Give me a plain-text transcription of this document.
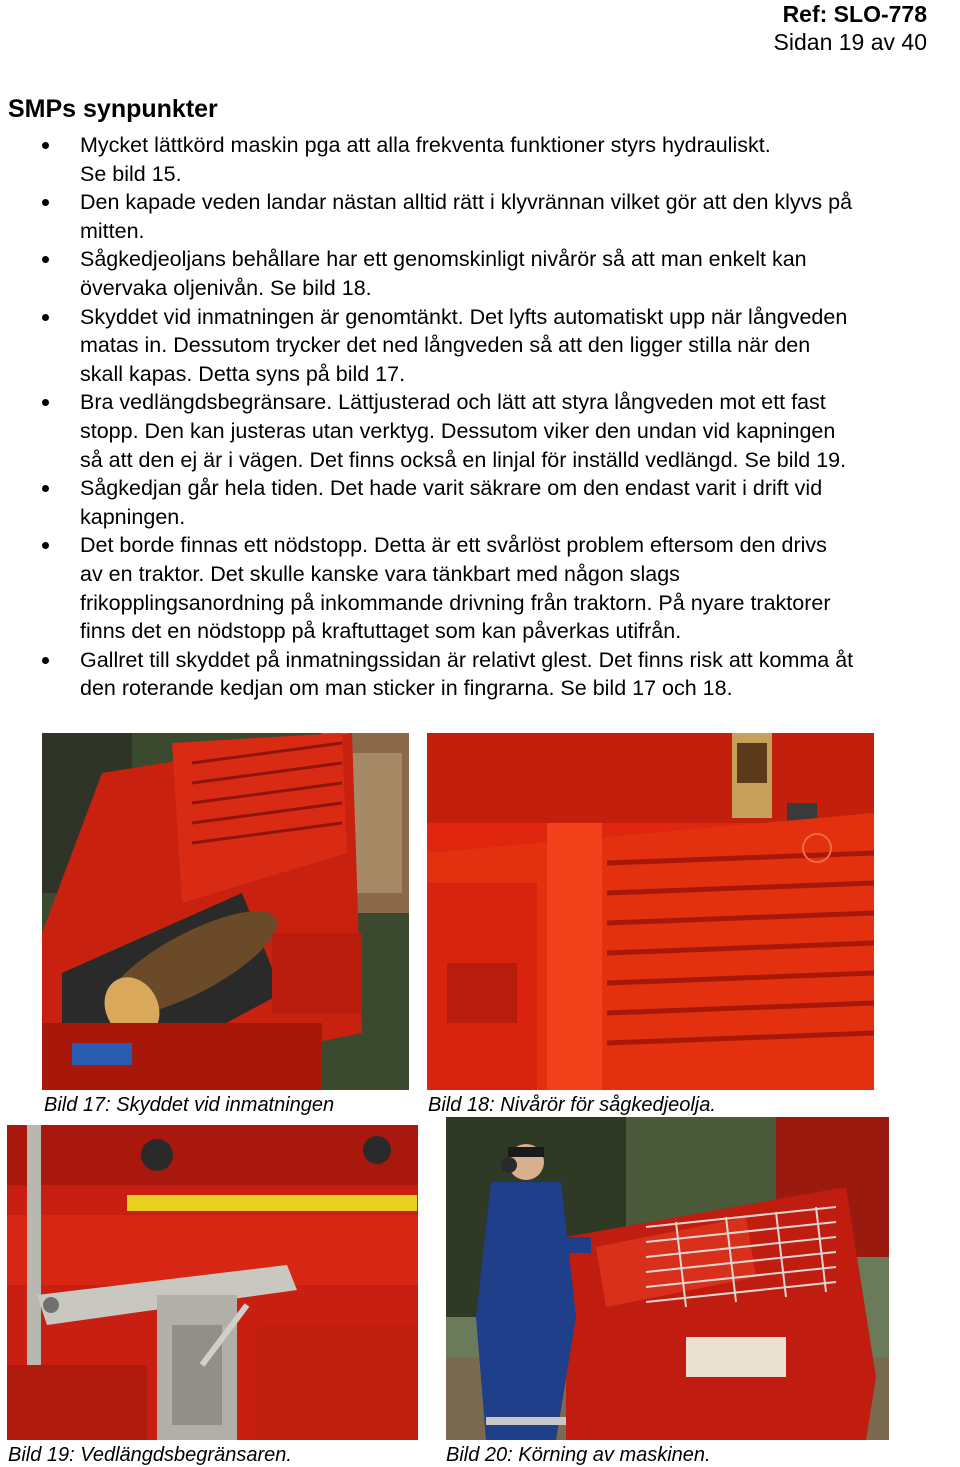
Ref: SLO-778
Sidan 19 av 40
SMPs synpunkter
Mycket lättkörd maskin pga att alla frekventa funktioner styrs hydrauliskt.
Se bild 15.
Den kapade veden landar nästan alltid rätt i klyvrännan vilket gör att den klyvs på
mitten.
Sågkedjeoljans behållare har ett genomskinligt nivårör så att man enkelt kan
övervaka oljenivån. Se bild 18.
Skyddet vid inmatningen är genomtänkt. Det lyfts automatiskt upp när långveden
matas in. Dessutom trycker det ned långveden så att den ligger stilla när den
skall kapas. Detta syns på bild 17.
Bra vedlängdsbegränsare. Lättjusterad och lätt att styra långveden mot ett fast
stopp. Den kan justeras utan verktyg. Dessutom viker den undan vid kapningen
så att den ej är i vägen. Det finns också en linjal för inställd vedlängd. Se bild 19.
Sågkedjan går hela tiden. Det hade varit säkrare om den endast varit i drift vid
kapningen.
Det borde finnas ett nödstopp. Detta är ett svårlöst problem eftersom den drivs
av en traktor. Det skulle kanske vara tänkbart med någon slags
frikopplingsanordning på inkommande drivning från traktorn. På nyare traktorer
finns det en nödstopp på kraftuttaget som kan påverkas utifrån.
Gallret till skyddet på inmatningssidan är relativt glest. Det finns risk att komma åt
den roterande kedjan om man sticker in fingrarna. Se bild 17 och 18.
Bild 17: Skyddet vid inmatningen	Bild 18: Nivårör för sågkedjeolja.
Bild 19: Vedlängdsbegränsaren.	Bild 20: Körning av maskinen.
